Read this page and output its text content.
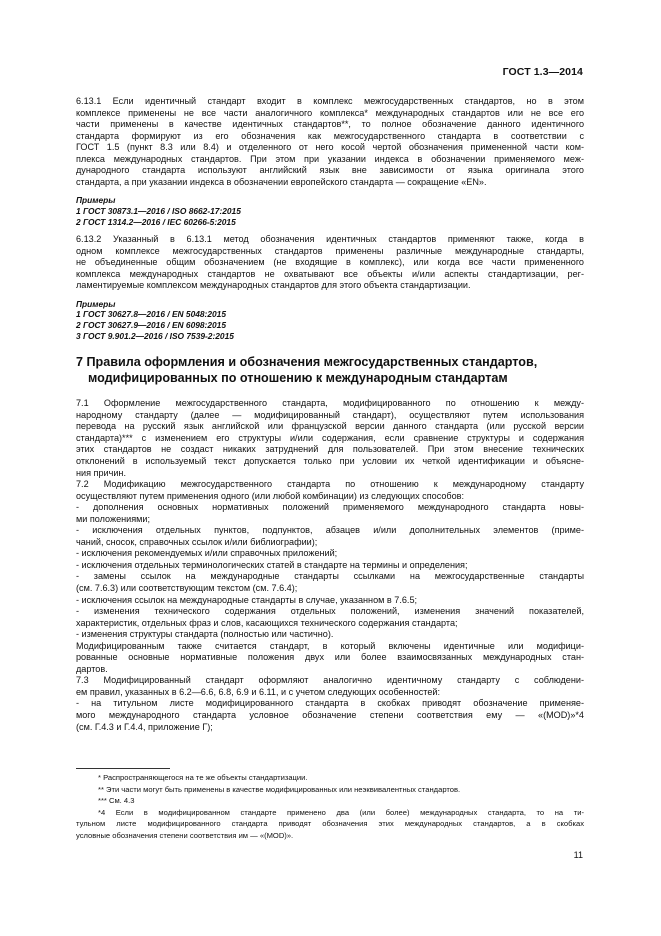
ГОСТ 1.3—2014
6.13.1 Если идентичный стандарт входит в комплекс межгосударственных стандартов, но в этом
комплексе применены не все части аналогичного комплекса* международных стандартов или не все его
части применены в качестве идентичных стандартов**, то полное обозначение данного идентичного
стандарта формируют из его обозначения как межгосударственного стандарта в соответствии с
ГОСТ 1.5 (пункт 8.3 или 8.4) и отделенного от него косой чертой обозначения примененной части ком-
плекса международных стандартов. При этом при указании индекса в обозначении применяемого меж-
дународного стандарта используют английский язык вне зависимости от языка оригинала этого
стандарта, а при указании индекса в обозначении европейского стандарта — сокращение «EN».
Примеры
1 ГОСТ 30873.1—2016 / ISO 8662-17:2015
2 ГОСТ 1314.2—2016 / IEC 60266-5:2015
6.13.2 Указанный в 6.13.1 метод обозначения идентичных стандартов применяют также, когда в
одном комплексе межгосударственных стандартов применены различные международные стандарты,
не объединенные общим обозначением (не входящие в комплекс), или когда все части примененного
комплекса международных стандартов не охватывают все объекты и/или аспекты стандартизации, рег-
ламентируемые комплексом международных стандартов для этого объекта стандартизации.
Примеры
1 ГОСТ 30627.8—2016 / EN 5048:2015
2 ГОСТ 30627.9—2016 / EN 6098:2015
3 ГОСТ 9.901.2—2016 / ISO 7539-2:2015
7 Правила оформления и обозначения межгосударственных стандартов,
модифицированных по отношению к международным стандартам
7.1 Оформление межгосударственного стандарта, модифицированного по отношению к между-
народному стандарту (далее — модифицированный стандарт), осуществляют путем использования
перевода на русский язык английской или французской версии данного стандарта (или русской версии
стандарта)*** с изменением его структуры и/или содержания, если сравнение структуры и содержания
этих стандартов не создаст никаких затруднений для пользователей. При этом внесение технических
отклонений в используемый текст допускается только при условии их четкой идентификации и объясне-
ния причин.
7.2 Модификацию межгосударственного стандарта по отношению к международному стандарту
осуществляют путем применения одного (или любой комбинации) из следующих способов:
- дополнения основных нормативных положений применяемого международного стандарта новы-
ми положениями;
- исключения отдельных пунктов, подпунктов, абзацев и/или дополнительных элементов (приме-
чаний, сносок, справочных ссылок и/или библиографии);
- исключения рекомендуемых и/или справочных приложений;
- исключения отдельных терминологических статей в стандарте на термины и определения;
- замены ссылок на международные стандарты ссылками на межгосударственные стандарты
(см. 7.6.3) или соответствующим текстом (см. 7.6.4);
- исключения ссылок на международные стандарты в случае, указанном в 7.6.5;
- изменения технического содержания отдельных положений, изменения значений показателей,
характеристик, отдельных фраз и слов, касающихся технического содержания стандарта;
- изменения структуры стандарта (полностью или частично).
Модифицированным также считается стандарт, в который включены идентичные или модифици-
рованные основные нормативные положения двух или более взаимосвязанных международных стан-
дартов.
7.3 Модифицированный стандарт оформляют аналогично идентичному стандарту с соблюдени-
ем правил, указанных в 6.2—6.6, 6.8, 6.9 и 6.11, и с учетом следующих особенностей:
- на титульном листе модифицированного стандарта в скобках приводят обозначение применяе-
мого международного стандарта условное обозначение степени соответствия ему — «(MOD)»*4
(см. Г.4.3 и Г.4.4, приложение Г);
* Распространяющегося на те же объекты стандартизации.
** Эти части могут быть применены в качестве модифицированных или неэквивалентных стандартов.
*** См. 4.3
*4 Если в модифицированном стандарте применено два (или более) международных стандарта, то на ти-
тульном листе модифицированного стандарта приводят обозначения этих международных стандартов, а в скобках
условные обозначения степени соответствия им — «(MOD)».
11
